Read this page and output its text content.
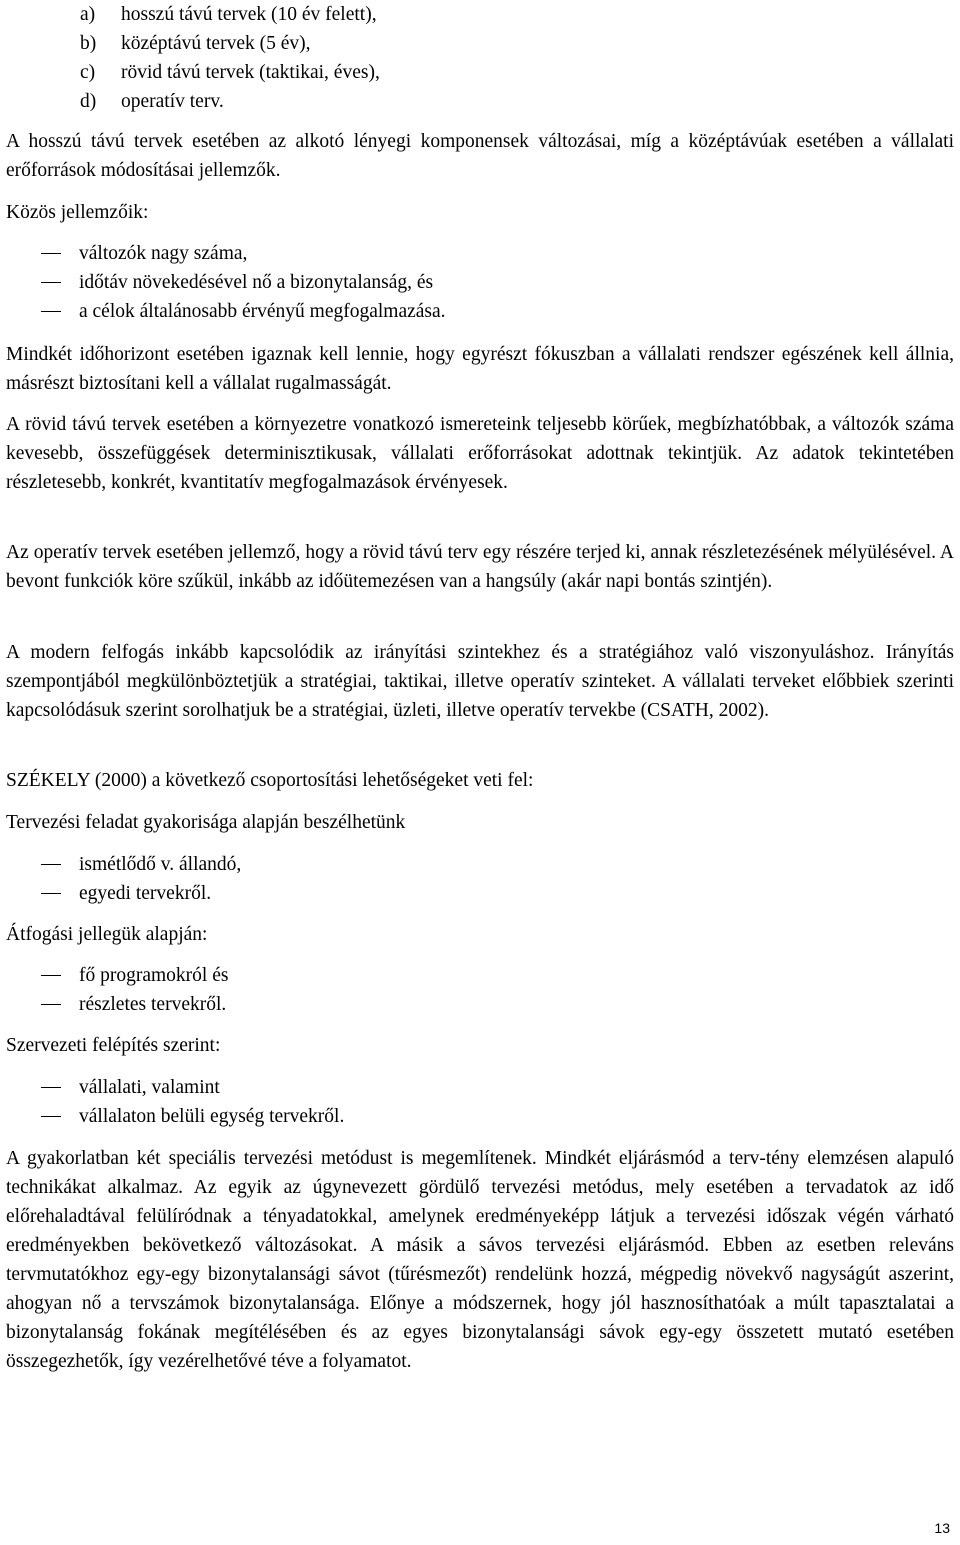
a) hosszú távú tervek (10 év felett),
b) középtávú tervek (5 év),
c) rövid távú tervek (taktikai, éves),
d) operatív terv.

A hosszú távú tervek esetében az alkotó lényegi komponensek változásai, míg a középtávúak esetében a vállalati erőforrások módosításai jellemzők.

Közös jellemzőik:

változók nagy száma,
időtáv növekedésével nő a bizonytalanság, és
a célok általánosabb érvényű megfogalmazása.

Mindkét időhorizont esetében igaznak kell lennie, hogy egyrészt fókuszban a vállalati rendszer egészének kell állnia, másrészt biztosítani kell a vállalat rugalmasságát.

A rövid távú tervek esetében a környezetre vonatkozó ismereteink teljesebb körűek, megbízhatóbbak, a változók száma kevesebb, összefüggések determinisztikusak, vállalati erőforrásokat adottnak tekintjük. Az adatok tekintetében részletesebb, konkrét, kvantitatív megfogalmazások érvényesek.

Az operatív tervek esetében jellemző, hogy a rövid távú terv egy részére terjed ki, annak részletezésének mélyülésével. A bevont funkciók köre szűkül, inkább az időütemezésen van a hangsúly (akár napi bontás szintjén).

A modern felfogás inkább kapcsolódik az irányítási szintekhez és a stratégiához való viszonyuláshoz. Irányítás szempontjából megkülönböztetjük a stratégiai, taktikai, illetve operatív szinteket. A vállalati terveket előbbiek szerinti kapcsolódásuk szerint sorolhatjuk be a stratégiai, üzleti, illetve operatív tervekbe (CSATH, 2002).

SZÉKELY (2000) a következő csoportosítási lehetőségeket veti fel:

Tervezési feladat gyakorisága alapján beszélhetünk

ismétlődő v. állandó,
egyedi tervekről.

Átfogási jellegük alapján:

fő programokról és
részletes tervekről.

Szervezeti felépítés szerint:

vállalati, valamint
vállalaton belüli egység tervekről.

A gyakorlatban két speciális tervezési metódust is megemlítenek. Mindkét eljárásmód a terv-tény elemzésen alapuló technikákat alkalmaz. Az egyik az úgynevezett gördülő tervezési metódus, mely esetében a tervadatok az idő előrehaladtával felülíródnak a tényadatokkal, amelynek eredményeképp látjuk a tervezési időszak végén várható eredményekben bekövetkező változásokat. A másik a sávos tervezési eljárásmód. Ebben az esetben releváns tervmutatókhoz egy-egy bizonytalansági sávot (tűrésmezőt) rendelünk hozzá, mégpedig növekvő nagyságút aszerint, ahogyan nő a tervszámok bizonytalansága. Előnye a módszernek, hogy jól hasznosíthatóak a múlt tapasztalatai a bizonytalanság fokának megítélésében és az egyes bizonytalansági sávok egy-egy összetett mutató esetében összegezhetők, így vezérelhetővé téve a folyamatot.

13
